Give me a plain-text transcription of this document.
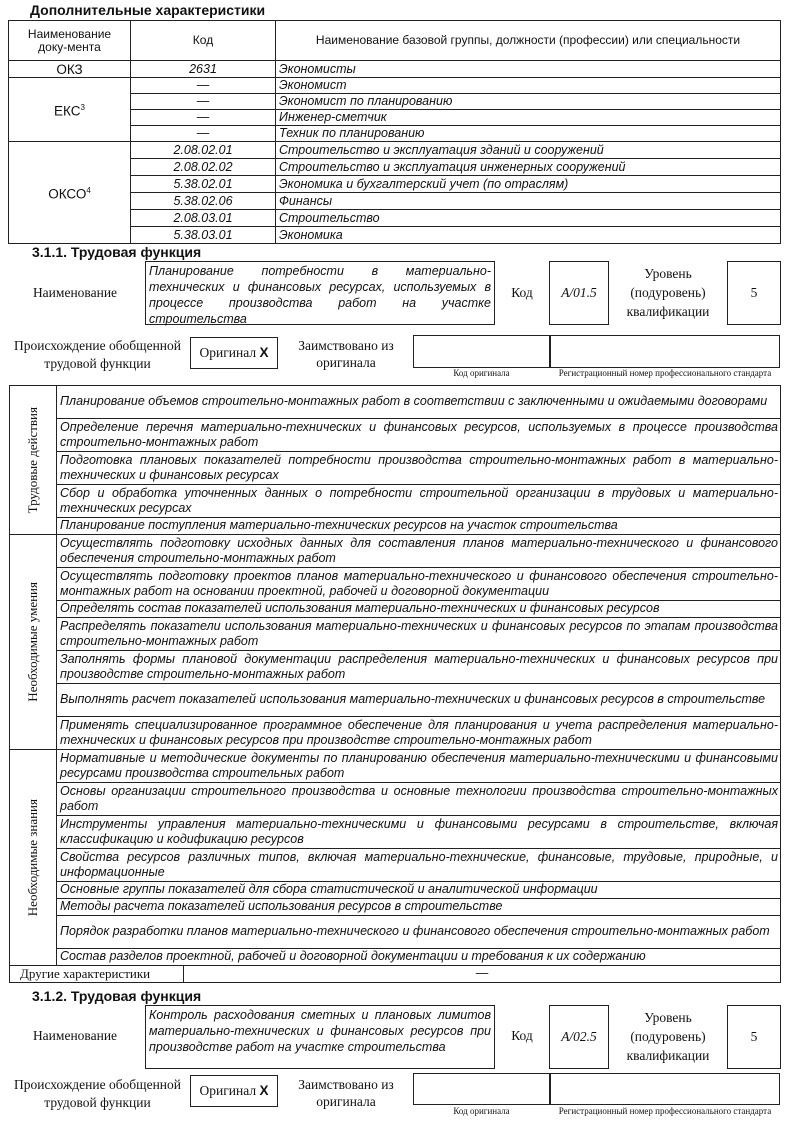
Дополнительные характеристики
Наименование доку-мента	Код	Наименование базовой группы, должности (профессии) или специальности
ОКЗ	2631	Экономисты
ЕКС$^3$	—	Экономист
	—	Экономист по планированию
	—	Инженер-сметчик
	—	Техник по планированию
ОКСО$^4$	2.08.02.01	Строительство и эксплуатация зданий и сооружений
	2.08.02.02	Строительство и эксплуатация инженерных сооружений
	5.38.02.01	Экономика и бухгалтерский учет (по отраслям)
	5.38.02.06	Финансы
	2.08.03.01	Строительство
	5.38.03.01	Экономика
3.1.1. Трудовая функция
Наименование
Планирование потребности в материально-технических и финансовых ресурсах, используемых в процессе производства работ на участке строительства
Код	A/01.5
Уровень (подуровень) квалификации
5
Происхождение обобщенной трудовой функции
Оригинал X	Заимствовано из оригинала
Код оригинала	Регистрационный номер профессионального стандарта
Трудовые действия	Планирование объемов строительно-монтажных работ в соответствии с заключенными и ожидаемыми договорами	
	Определение перечня материально-технических и финансовых ресурсов, используемых в процессе производства строительно-монтажных работ	
	Подготовка плановых показателей потребности производства строительно-монтажных работ в материально-технических и финансовых ресурсах	
	Сбор и обработка уточненных данных о потребности строительной организации в трудовых и материально-технических ресурсах	
	Планирование поступления материально-технических ресурсов на участок строительства	

Необходимые умения	Осуществлять подготовку исходных данных для составления планов материально-технического и финансового обеспечения строительно-монтажных работ	
	Осуществлять подготовку проектов планов материально-технического и финансового обеспечения строительно-монтажных работ на основании проектной, рабочей и договорной документации	
	Определять состав показателей использования материально-технических и финансовых ресурсов	
	Распределять показатели использования материально-технических и финансовых ресурсов по этапам производства строительно-монтажных работ	
	Заполнять формы плановой документации распределения материально-технических и финансовых ресурсов при производстве строительно-монтажных работ	
	Выполнять расчет показателей использования материально-технических и финансовых ресурсов в строительстве	
	Применять специализированное программное обеспечение для планирования и учета распределения материально-технических и финансовых ресурсов при производстве строительно-монтажных работ	

Необходимые знания	Нормативные и методические документы по планированию обеспечения материально-техническими и финансовыми ресурсами производства строительных работ	
	Основы организации строительного производства и основные технологии производства строительно-монтажных работ	
	Инструменты управления материально-техническими и финансовыми ресурсами в строительстве, включая классификацию и кодификацию ресурсов	
	Свойства ресурсов различных типов, включая материально-технические, финансовые, трудовые, природные, и информационные	
	Основные группы показателей для сбора статистической и аналитической информации	
	Методы расчета показателей использования ресурсов в строительстве	
	Порядок разработки планов материально-технического и финансового обеспечения строительно-монтажных работ	
	Состав разделов проектной, рабочей и договорной документации и требования к их содержанию	
Другие характеристики		—
3.1.2. Трудовая функция
Наименование
Контроль расходования сметных и плановых лимитов материально-технических и финансовых ресурсов при производстве работ на участке строительства
Код	A/02.5
Уровень (подуровень) квалификации
5
Происхождение обобщенной трудовой функции
Оригинал X	Заимствовано из оригинала
Код оригинала	Регистрационный номер профессионального стандарта
